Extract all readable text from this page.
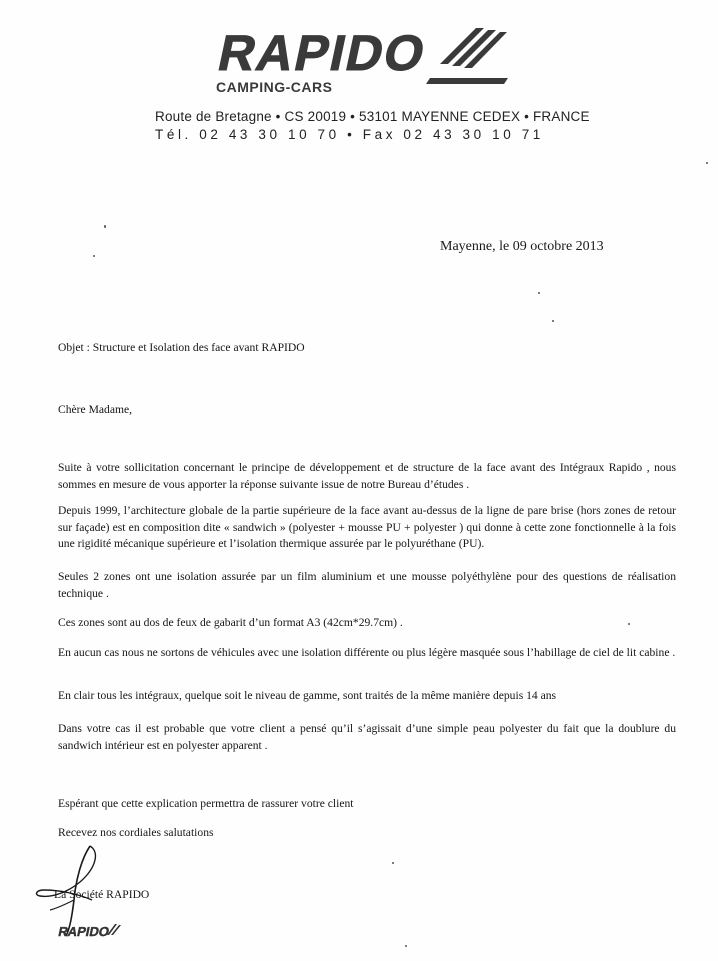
RAPIDO
CAMPING-CARS
Route de Bretagne • CS 20019 • 53101 MAYENNE CEDEX • FRANCE
Tél. 02 43 30 10 70 • Fax 02 43 30 10 71
Mayenne, le 09 octobre 2013
Objet : Structure et Isolation des face avant RAPIDO
Chère Madame,

Suite à votre sollicitation concernant le principe de développement et de structure de la face avant des Intégraux Rapido , nous sommes en mesure de vous apporter la réponse suivante issue de notre Bureau d’études .

Depuis 1999, l’architecture globale de la partie supérieure de la face avant au-dessus de la ligne de pare brise (hors zones de retour sur façade) est en composition dite « sandwich » (polyester + mousse PU + polyester ) qui donne à cette zone fonctionnelle à la fois une rigidité mécanique supérieure et l’isolation thermique assurée par le polyuréthane (PU).

Seules 2 zones ont une isolation assurée par un film aluminium et une mousse polyéthylène pour des questions de réalisation technique .

Ces zones sont au dos de feux de gabarit d’un format A3 (42cm*29.7cm) .

En aucun cas nous ne sortons de véhicules avec une isolation différente ou plus légère masquée sous l’habillage de ciel de lit cabine .

En clair tous les intégraux, quelque soit le niveau de gamme, sont traités de la même manière depuis 14 ans

Dans votre cas il est probable que votre client a pensé qu’il s’agissait d’une simple peau polyester du fait que la doublure du sandwich intérieur est en polyester apparent .

Espérant que cette explication permettra de rassurer votre client
Recevez nos cordiales salutations
La Société RAPIDO
RAPIDO
